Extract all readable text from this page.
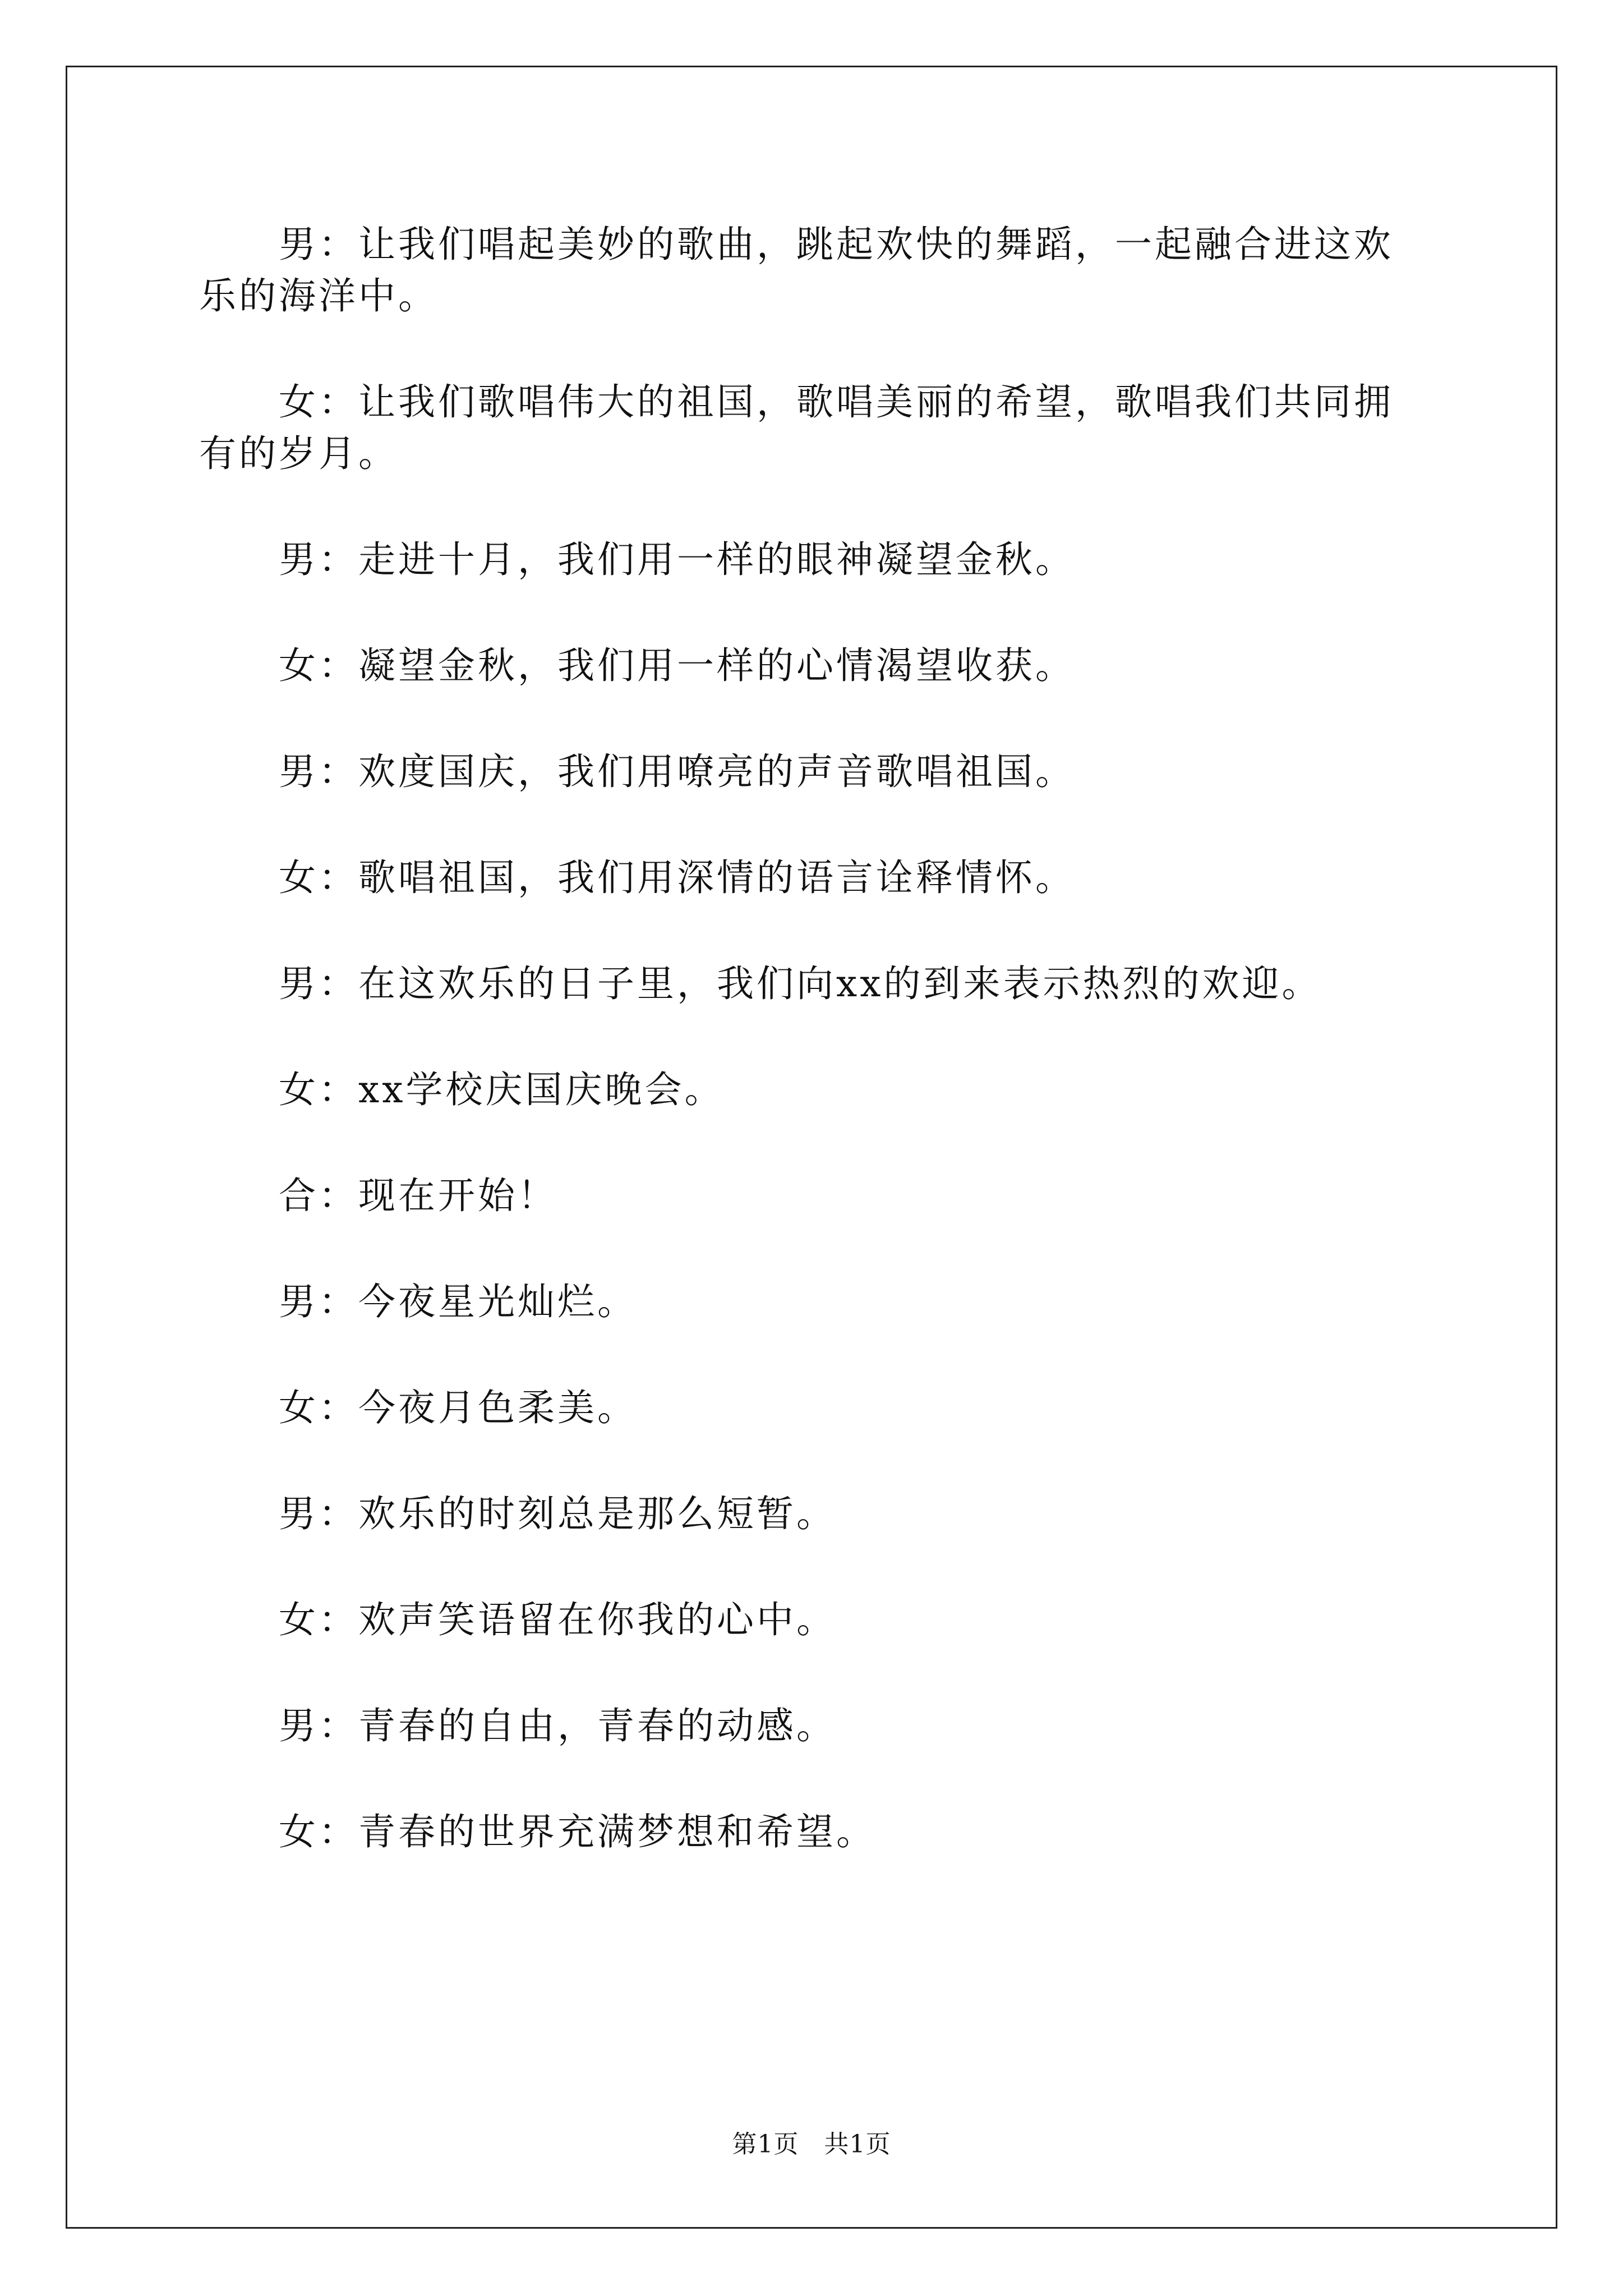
男：让我们唱起美妙的歌曲，跳起欢快的舞蹈，一起融合进这欢乐的海洋中。

女：让我们歌唱伟大的祖国，歌唱美丽的希望，歌唱我们共同拥有的岁月。

男：走进十月，我们用一样的眼神凝望金秋。

女：凝望金秋，我们用一样的心情渴望收获。

男：欢度国庆，我们用嘹亮的声音歌唱祖国。

女：歌唱祖国，我们用深情的语言诠释情怀。

男：在这欢乐的日子里，我们向xx的到来表示热烈的欢迎。

女：xx学校庆国庆晚会。

合：现在开始！

男：今夜星光灿烂。

女：今夜月色柔美。

男：欢乐的时刻总是那么短暂。

女：欢声笑语留在你我的心中。

男：青春的自由，青春的动感。

女：青春的世界充满梦想和希望。

第1页　共1页
